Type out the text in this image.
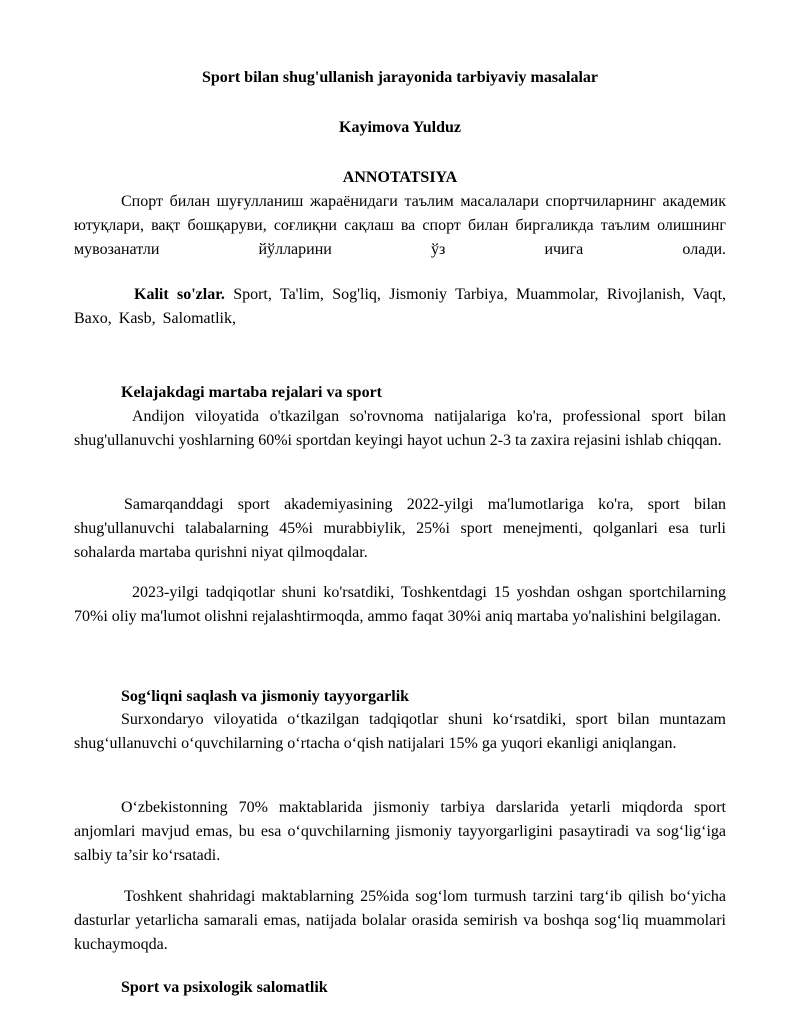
Sport bilan shug'ullanish jarayonida tarbiyaviy masalalar
Kayimova Yulduz
ANNOTATSIYA
Спорт билан шуғулланиш жараёнидаги таълим масалалари спортчиларнинг академик ютуқлари, вақт бошқаруви, соғлиқни сақлаш ва спорт билан биргаликда таълим олишнинг мувозанатли йўлларини ўз ичига олади.
Kalit so'zlar. Sport, Ta'lim, Sog'liq, Jismoniy Tarbiya, Muammolar, Rivojlanish, Vaqt, Baxo, Kasb, Salomatlik,
Kelajakdagi martaba rejalari va sport
Andijon viloyatida o'tkazilgan so'rovnoma natijalariga ko'ra, professional sport bilan shug'ullanuvchi yoshlarning 60%i sportdan keyingi hayot uchun 2-3 ta zaxira rejasini ishlab chiqqan.
Samarqanddagi sport akademiyasining 2022-yilgi ma'lumotlariga ko'ra, sport bilan shug'ullanuvchi talabalarning 45%i murabbiylik, 25%i sport menejmenti, qolganlari esa turli sohalarda martaba qurishni niyat qilmoqdalar.
2023-yilgi tadqiqotlar shuni ko'rsatdiki, Toshkentdagi 15 yoshdan oshgan sportchilarning 70%i oliy ma'lumot olishni rejalashtirmoqda, ammo faqat 30%i aniq martaba yo'nalishini belgilagan.
Sog‘liqni saqlash va jismoniy tayyorgarlik
Surxondaryo viloyatida o‘tkazilgan tadqiqotlar shuni ko‘rsatdiki, sport bilan muntazam shug‘ullanuvchi o‘quvchilarning o‘rtacha o‘qish natijalari 15% ga yuqori ekanligi aniqlangan.
O‘zbekistonning 70% maktablarida jismoniy tarbiya darslarida yetarli miqdorda sport anjomlari mavjud emas, bu esa o‘quvchilarning jismoniy tayyorgarligini pasaytiradi va sog‘lig‘iga salbiy ta’sir ko‘rsatadi.
Toshkent shahridagi maktablarning 25%ida sog‘lom turmush tarzini targ‘ib qilish bo‘yicha dasturlar yetarlicha samarali emas, natijada bolalar orasida semirish va boshqa sog‘liq muammolari kuchaymoqda.
Sport va psixologik salomatlik
